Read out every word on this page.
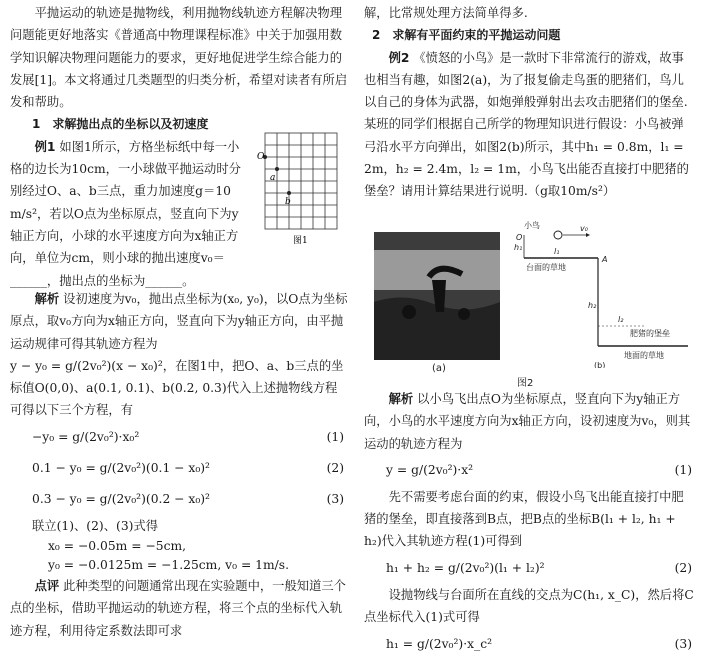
平抛运动的轨迹是抛物线，利用抛物线轨迹方程解决物理问题能更好地落实《普通高中物理课程标准》中关于加强用数学知识解决物理问题能力的要求，更好地促进学生综合能力的发展[1]。本文将通过几类题型的归类分析，希望对读者有所启发和帮助。

1　求解抛出点的坐标以及初速度

例1 如图1所示，方格坐标纸中每一小格的边长为10cm，一小球做平抛运动时分别经过O、a、b三点，重力加速度g＝10 m/s²，若以O点为坐标原点，竖直向下为y轴正方向，小球的水平速度方向为x轴正方向，单位为cm，则小球的抛出速度v₀＝______，抛出点的坐标为______。

O
a
b
图1

解析 设初速度为v₀，抛出点坐标为(x₀, y₀)，以O点为坐标原点，取v₀方向为x轴正方向，竖直向下为y轴正方向，由平抛运动规律可得其轨迹方程为

y − y₀ = g/(2v₀²)(x − x₀)²，在图1中，把O、a、b三点的坐标值O(0,0)、a(0.1, 0.1)、b(0.2, 0.3)代入上述抛物线方程可得以下三个方程，有

−y₀ = g/(2v₀²)·x₀²	(1)
0.1 − y₀ = g/(2v₀²)(0.1 − x₀)²	(2)
0.3 − y₀ = g/(2v₀²)(0.2 − x₀)²	(3)

联立(1)、(2)、(3)式得

x₀ = −0.05m = −5cm,

y₀ = −0.0125m = −1.25cm, v₀ = 1m/s.

点评 此种类型的问题通常出现在实验题中，一般知道三个点的坐标，借助平抛运动的轨迹方程，将三个点的坐标代入轨迹方程，利用待定系数法即可求

解，比常规处理方法简单得多.

2　求解有平面约束的平抛运动问题

例2 《愤怒的小鸟》是一款时下非常流行的游戏，故事也相当有趣，如图2(a)，为了报复偷走鸟蛋的肥猪们，鸟儿以自己的身体为武器，如炮弹般弹射出去攻击肥猪们的堡垒. 某班的同学们根据自己所学的物理知识进行假设：小鸟被弹弓沿水平方向弹出，如图2(b)所示，其中h₁ = 0.8m，l₁ = 2m，h₂ = 2.4m，l₂ = 1m，小鸟飞出能否直接打中肥猪的堡垒？请用计算结果进行说明.（g取10m/s²）

(a)
小鸟	v₀
O
h₁	l₁
A
台面的草地
h₂
l₂
肥猪的堡垒
地面的草地
(b)
图2

解析 以小鸟飞出点O为坐标原点，竖直向下为y轴正方向，小鸟的水平速度方向为x轴正方向，设初速度为v₀，则其运动的轨迹方程为

y = g/(2v₀²)·x²	(1)

先不需要考虑台面的约束，假设小鸟飞出能直接打中肥猪的堡垒，即直接落到B点，把B点的坐标B(l₁ + l₂, h₁ + h₂)代入其轨迹方程(1)可得到

h₁ + h₂ = g/(2v₀²)(l₁ + l₂)²	(2)

设抛物线与台面所在直线的交点为C(h₁, x_C)，然后将C点坐标代入(1)式可得

h₁ = g/(2v₀²)·x_c²	(3)
